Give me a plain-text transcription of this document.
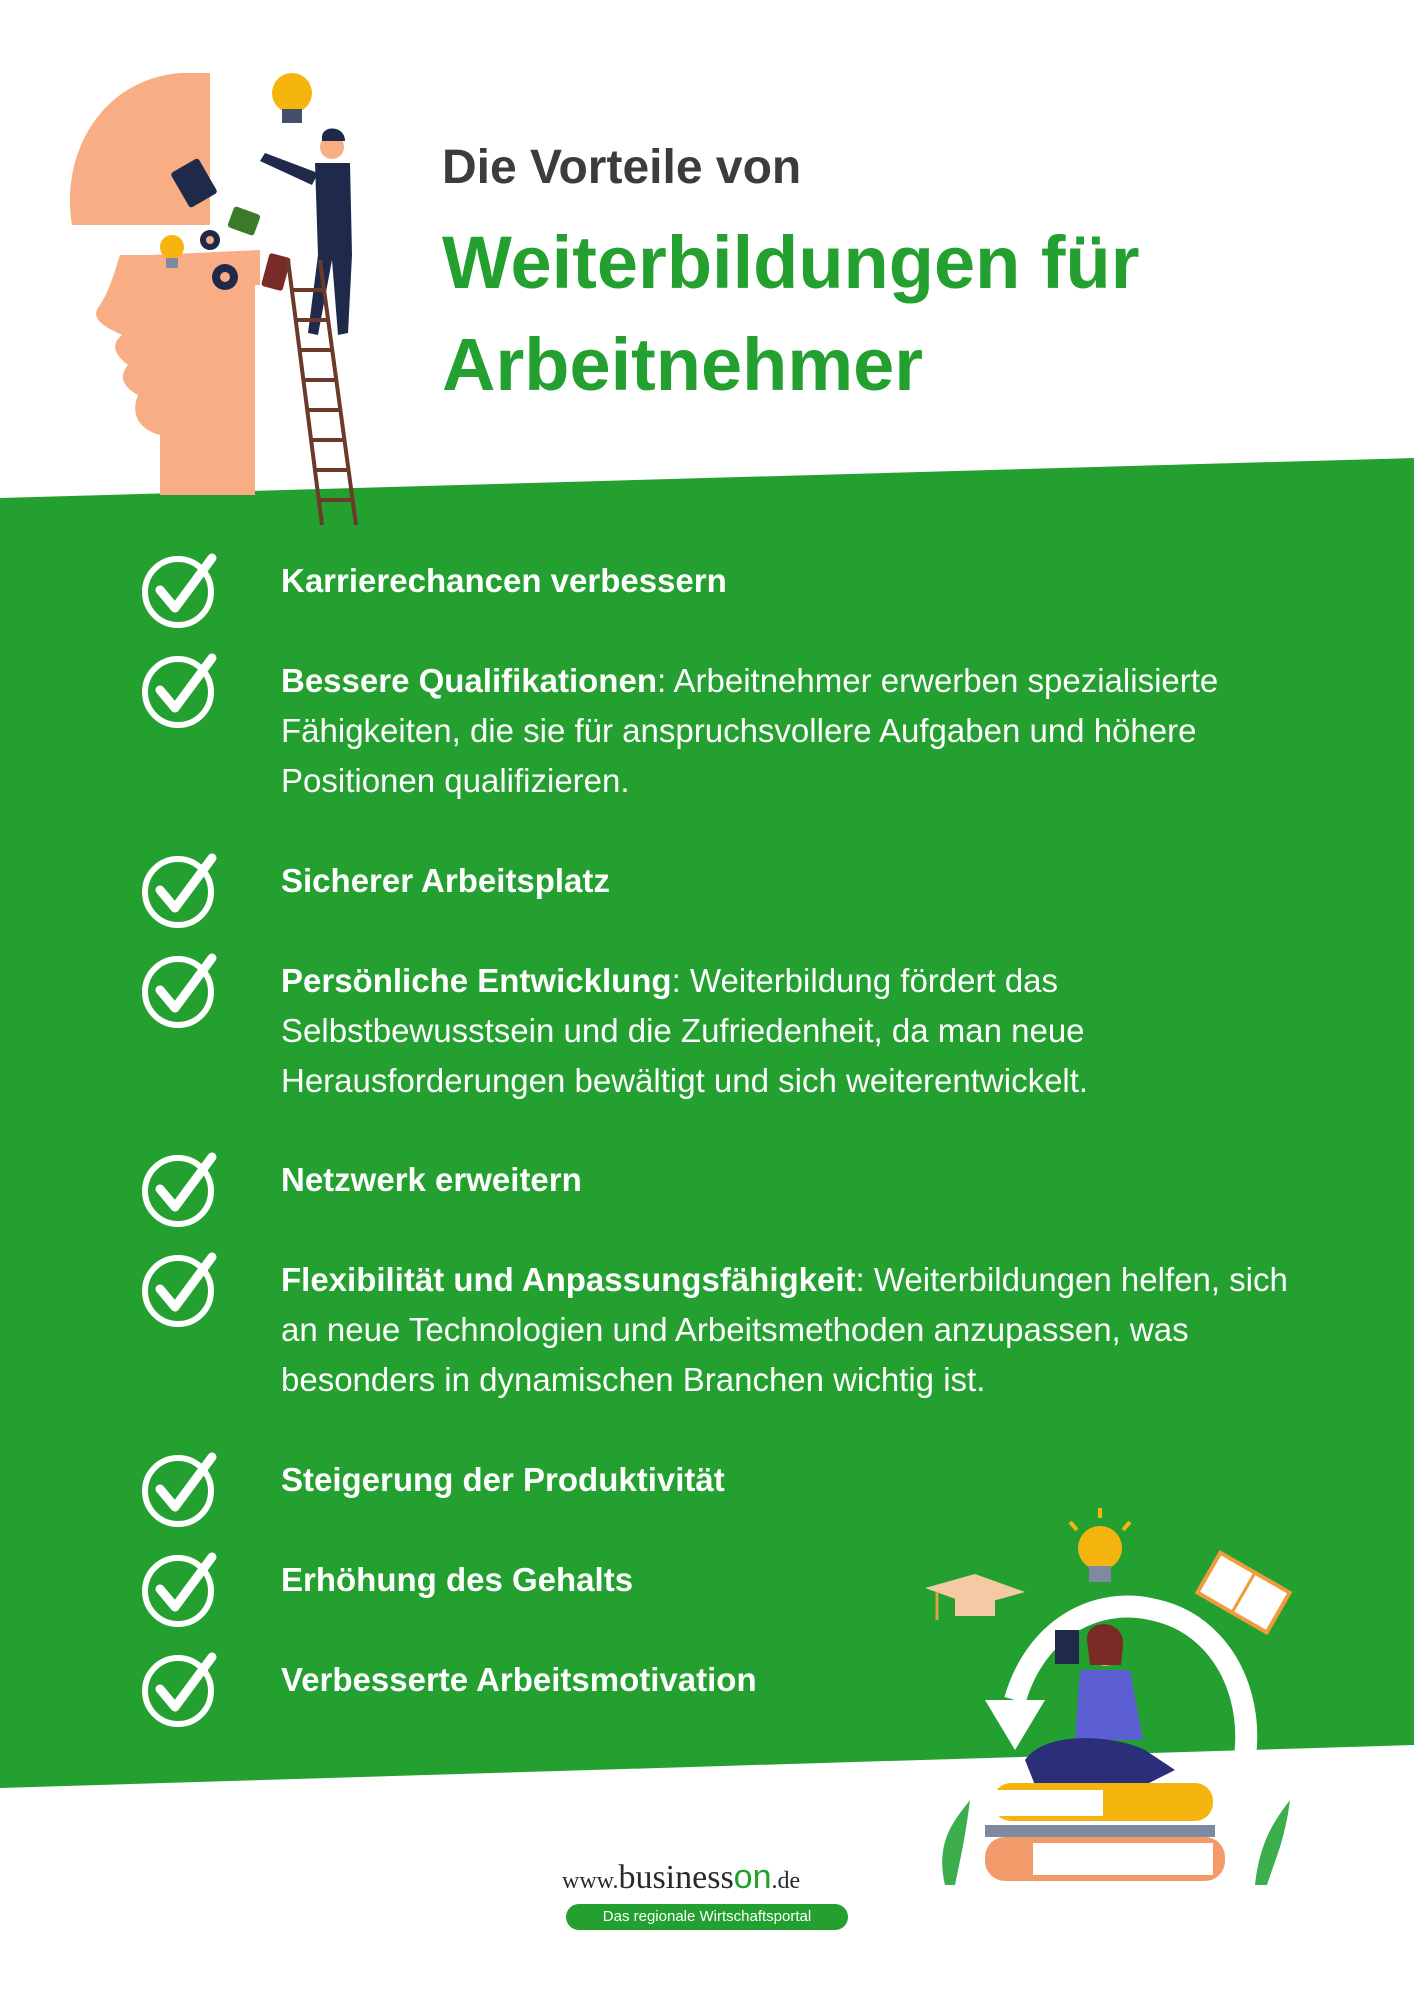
Die Vorteile von
Weiterbildungen für
Arbeitnehmer

Karrierechancen verbessern

Bessere Qualifikationen: Arbeitnehmer erwerben spezialisierte Fähigkeiten, die sie für anspruchsvollere Aufgaben und höhere Positionen qualifizieren.

Sicherer Arbeitsplatz

Persönliche Entwicklung: Weiterbildung fördert das Selbstbewusstsein und die Zufriedenheit, da man neue Herausforderungen bewältigt und sich weiterentwickelt.

Netzwerk erweitern

Flexibilität und Anpassungsfähigkeit: Weiterbildungen helfen, sich an neue Technologien und Arbeitsmethoden anzupassen, was besonders in dynamischen Branchen wichtig ist.

Steigerung der Produktivität

Erhöhung des Gehalts

Verbesserte Arbeitsmotivation

www.businesson.de
Das regionale Wirtschaftsportal
